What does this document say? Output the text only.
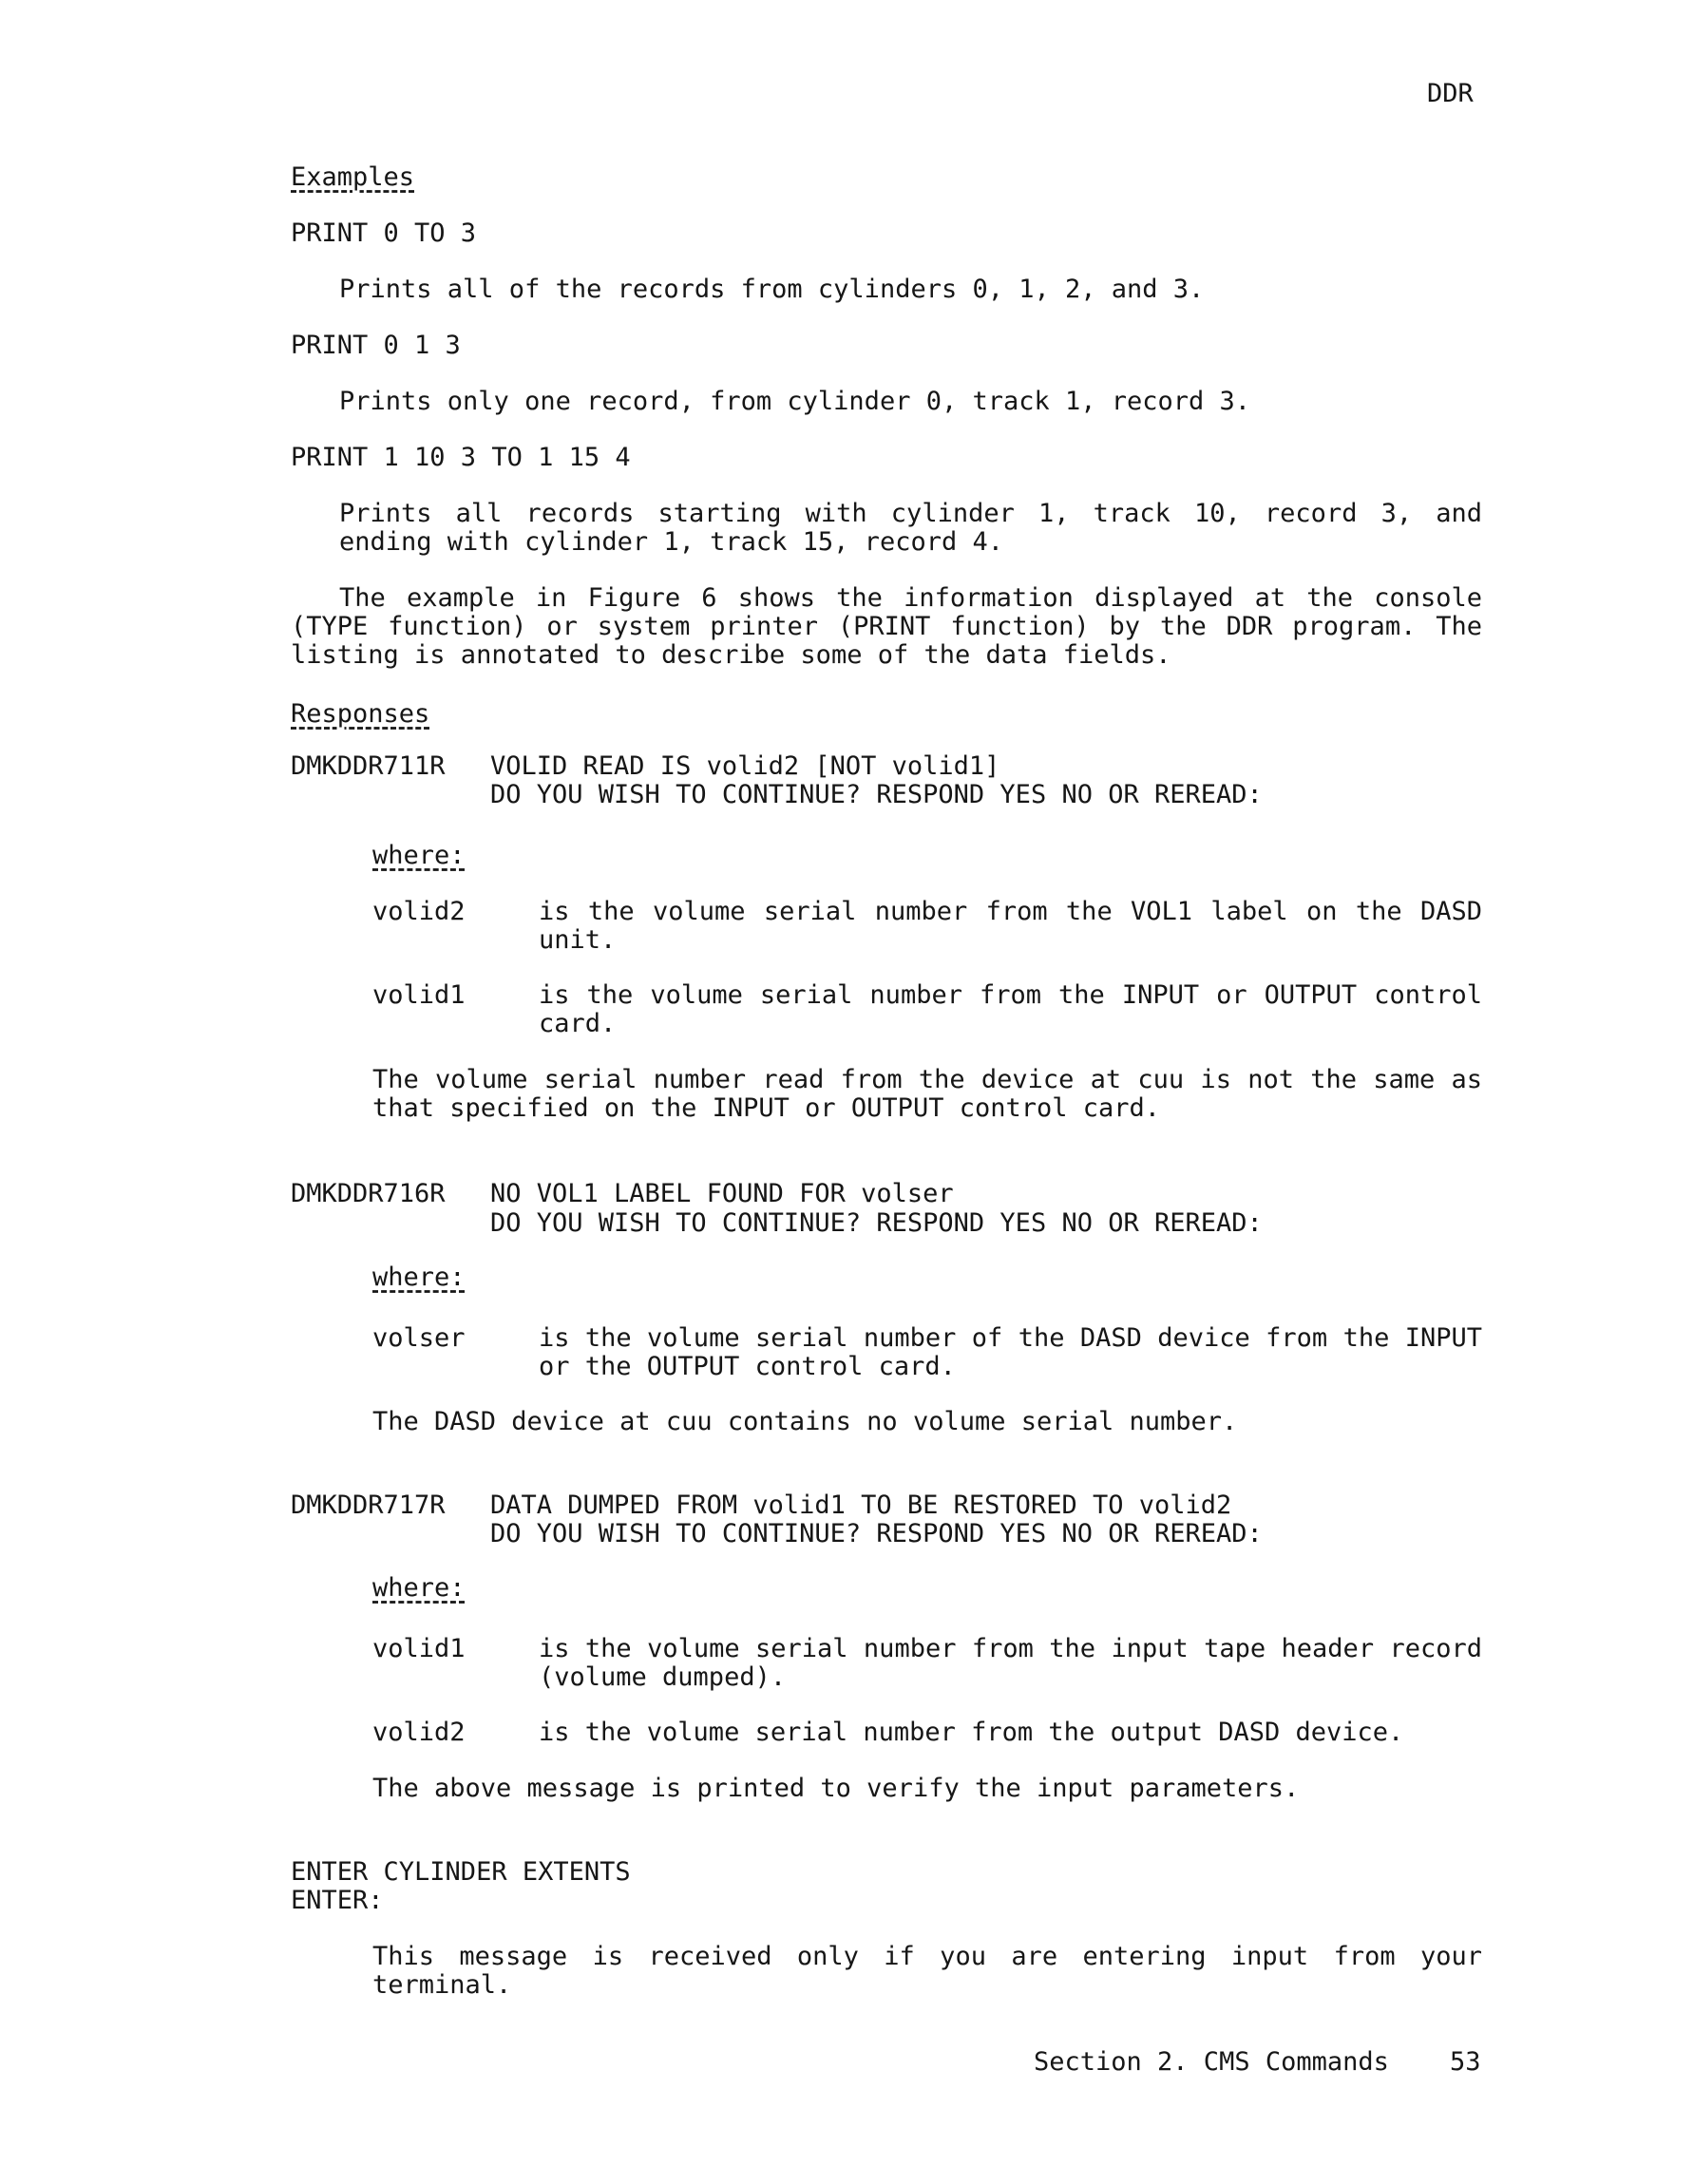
DDR
Examples
PRINT 0 TO 3
Prints all of the records from cylinders 0, 1, 2, and 3.
PRINT 0 1 3
Prints only one record, from cylinder 0, track 1, record 3.
PRINT 1 10 3 TO 1 15 4
Prints all records starting with cylinder 1, track 10, record 3, and ending with cylinder 1, track 15, record 4.
The example in Figure 6 shows the information displayed at the console (TYPE function) or system printer (PRINT function) by the DDR program. The listing is annotated to describe some of the data fields.
Responses
DMKDDR711R VOLID READ IS volid2 [NOT volid1]
DO YOU WISH TO CONTINUE? RESPOND YES NO OR REREAD:
where:
volid2	is the volume serial number from the VOL1 label on the DASD unit.
volid1	is the volume serial number from the INPUT or OUTPUT control card.
The volume serial number read from the device at cuu is not the same as that specified on the INPUT or OUTPUT control card.
DMKDDR716R NO VOL1 LABEL FOUND FOR volser
DO YOU WISH TO CONTINUE? RESPOND YES NO OR REREAD:
where:
volser	is the volume serial number of the DASD device from the INPUT or the OUTPUT control card.
The DASD device at cuu contains no volume serial number.
DMKDDR717R DATA DUMPED FROM volid1 TO BE RESTORED TO volid2
DO YOU WISH TO CONTINUE? RESPOND YES NO OR REREAD:
where:
volid1	is the volume serial number from the input tape header record (volume dumped).
volid2	is the volume serial number from the output DASD device.
The above message is printed to verify the input parameters.
ENTER CYLINDER EXTENTS
ENTER:
This message is received only if you are entering input from your terminal.
Section 2. CMS Commands 53
